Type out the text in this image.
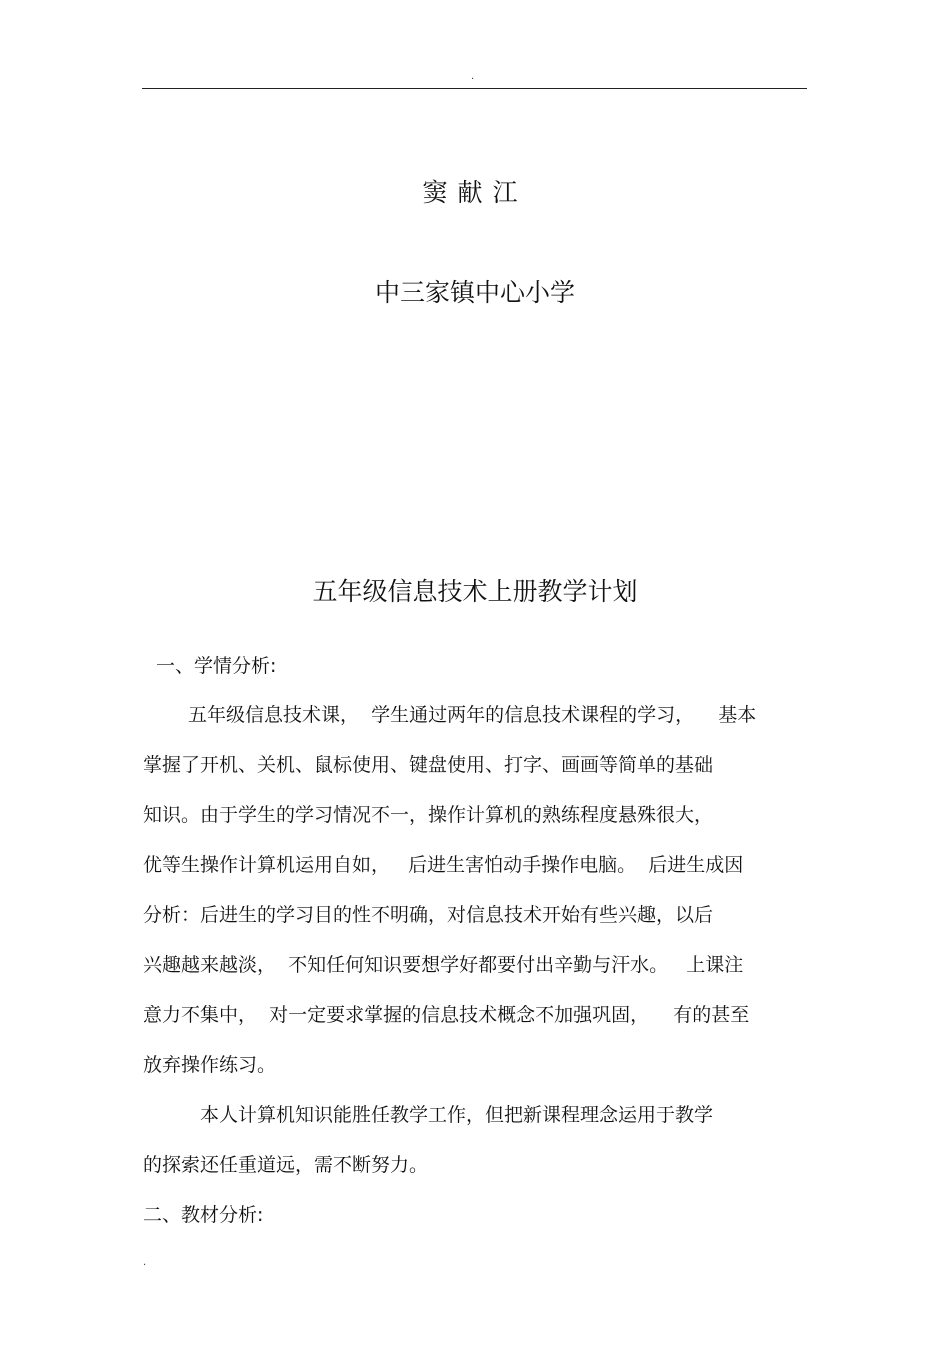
.
窦献江
中三家镇中心小学
五年级信息技术上册教学计划
一、学情分析:
五年级信息技术课，  学生通过两年的信息技术课程的学习，    基本
掌握了开机、关机、鼠标使用、键盘使用、打字、画画等简单的基础
知识。由于学生的学习情况不一，操作计算机的熟练程度悬殊很大，
优等生操作计算机运用自如，   后进生害怕动手操作电脑。  后进生成因
分析：后进生的学习目的性不明确，对信息技术开始有些兴趣，以后
兴趣越来越淡，  不知任何知识要想学好都要付出辛勤与汗水。   上课注
意力不集中，  对一定要求掌握的信息技术概念不加强巩固，    有的甚至
放弃操作练习。
本人计算机知识能胜任教学工作，但把新课程理念运用于教学
的探索还任重道远，需不断努力。
二、教材分析:
.
